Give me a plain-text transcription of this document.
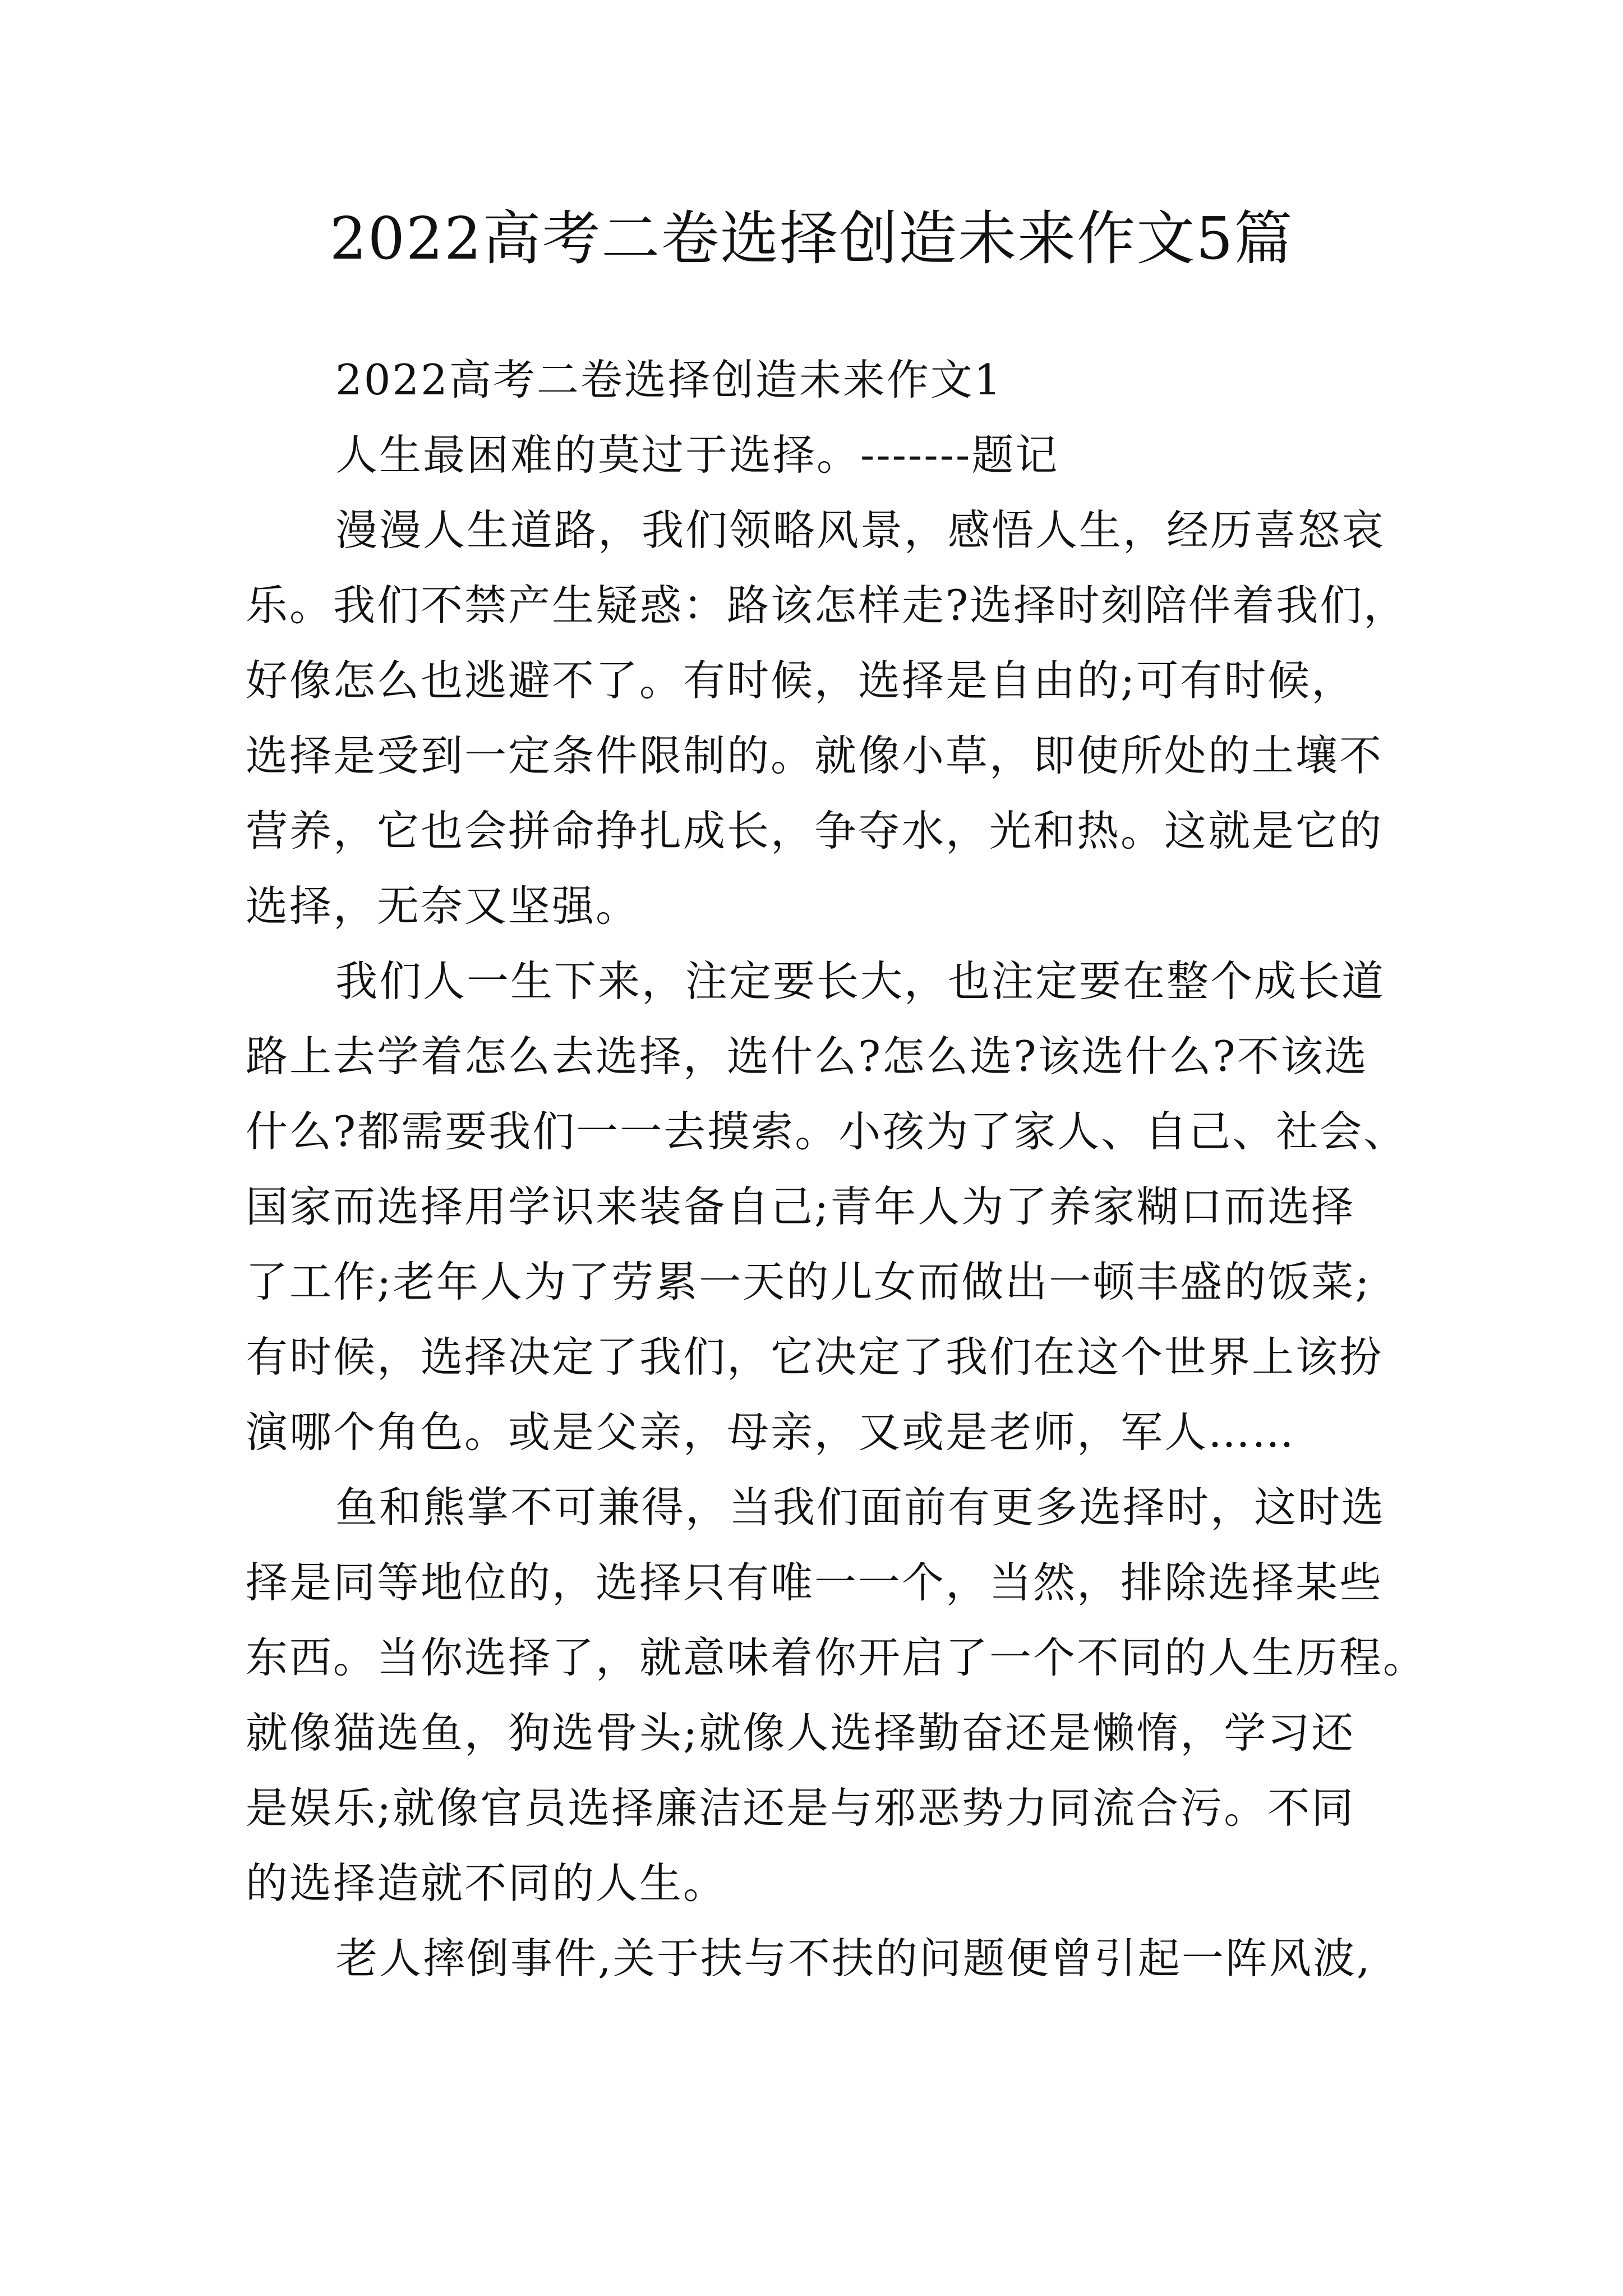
2022高考二卷选择创造未来作文5篇
2022高考二卷选择创造未来作文1
人生最困难的莫过于选择。-------题记
漫漫人生道路，我们领略风景，感悟人生，经历喜怒哀
乐。我们不禁产生疑惑：路该怎样走?选择时刻陪伴着我们，
好像怎么也逃避不了。有时候，选择是自由的;可有时候，
选择是受到一定条件限制的。就像小草，即使所处的土壤不
营养，它也会拼命挣扎成长，争夺水，光和热。这就是它的
选择，无奈又坚强。
我们人一生下来，注定要长大，也注定要在整个成长道
路上去学着怎么去选择，选什么?怎么选?该选什么?不该选
什么?都需要我们一一去摸索。小孩为了家人、自己、社会、
国家而选择用学识来装备自己;青年人为了养家糊口而选择
了工作;老年人为了劳累一天的儿女而做出一顿丰盛的饭菜;
有时候，选择决定了我们，它决定了我们在这个世界上该扮
演哪个角色。或是父亲，母亲，又或是老师，军人……
鱼和熊掌不可兼得，当我们面前有更多选择时，这时选
择是同等地位的，选择只有唯一一个，当然，排除选择某些
东西。当你选择了，就意味着你开启了一个不同的人生历程。
就像猫选鱼，狗选骨头;就像人选择勤奋还是懒惰，学习还
是娱乐;就像官员选择廉洁还是与邪恶势力同流合污。不同
的选择造就不同的人生。
老人摔倒事件,关于扶与不扶的问题便曾引起一阵风波,
